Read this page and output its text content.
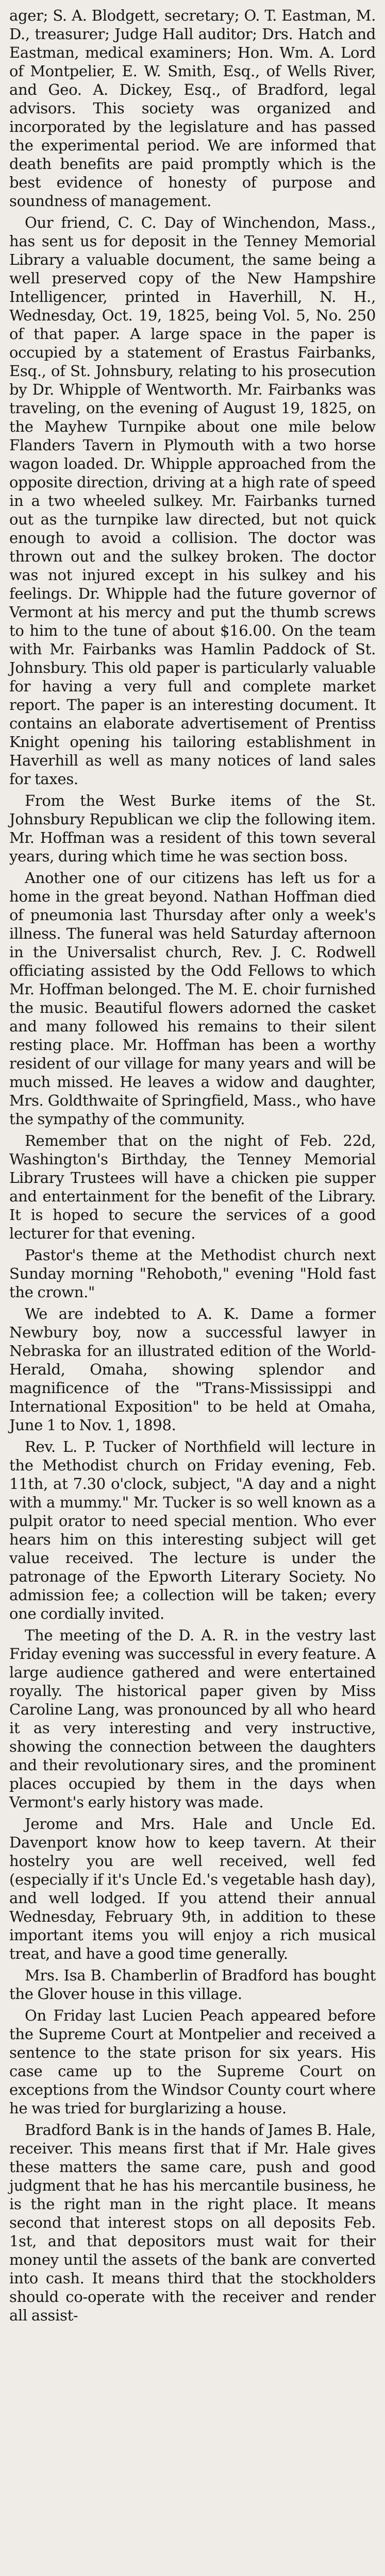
ager; S. A. Blodgett, secretary; O. T. Eastman, M. D., treasurer; Judge Hall auditor; Drs. Hatch and Eastman, medical examiners; Hon. Wm. A. Lord of Montpelier, E. W. Smith, Esq., of Wells River, and Geo. A. Dickey, Esq., of Bradford, legal advisors. This society was organized and incorporated by the legislature and has passed the experimental period. We are informed that death benefits are paid promptly which is the best evidence of honesty of purpose and soundness of management.

Our friend, C. C. Day of Winchendon, Mass., has sent us for deposit in the Tenney Memorial Library a valuable document, the same being a well preserved copy of the New Hampshire Intelligencer, printed in Haverhill, N. H., Wednesday, Oct. 19, 1825, being Vol. 5, No. 250 of that paper. A large space in the paper is occupied by a statement of Erastus Fairbanks, Esq., of St. Johnsbury, relating to his prosecution by Dr. Whipple of Wentworth. Mr. Fairbanks was traveling, on the evening of August 19, 1825, on the Mayhew Turnpike about one mile below Flanders Tavern in Plymouth with a two horse wagon loaded. Dr. Whipple approached from the opposite direction, driving at a high rate of speed in a two wheeled sulkey. Mr. Fairbanks turned out as the turnpike law directed, but not quick enough to avoid a collision. The doctor was thrown out and the sulkey broken. The doctor was not injured except in his sulkey and his feelings. Dr. Whipple had the future governor of Vermont at his mercy and put the thumb screws to him to the tune of about $16.00. On the team with Mr. Fairbanks was Hamlin Paddock of St. Johnsbury. This old paper is particularly valuable for having a very full and complete market report. The paper is an interesting document. It contains an elaborate advertisement of Prentiss Knight opening his tailoring establishment in Haverhill as well as many notices of land sales for taxes.

From the West Burke items of the St. Johnsbury Republican we clip the following item. Mr. Hoffman was a resident of this town several years, during which time he was section boss.

Another one of our citizens has left us for a home in the great beyond. Nathan Hoffman died of pneumonia last Thursday after only a week's illness. The funeral was held Saturday afternoon in the Universalist church, Rev. J. C. Rodwell officiating assisted by the Odd Fellows to which Mr. Hoffman belonged. The M. E. choir furnished the music. Beautiful flowers adorned the casket and many followed his remains to their silent resting place. Mr. Hoffman has been a worthy resident of our village for many years and will be much missed. He leaves a widow and daughter, Mrs. Goldthwaite of Springfield, Mass., who have the sympathy of the community.

Remember that on the night of Feb. 22d, Washington's Birthday, the Tenney Memorial Library Trustees will have a chicken pie supper and entertainment for the benefit of the Library. It is hoped to secure the services of a good lecturer for that evening.

Pastor's theme at the Methodist church next Sunday morning "Rehoboth," evening "Hold fast the crown."

We are indebted to A. K. Dame a former Newbury boy, now a successful lawyer in Nebraska for an illustrated edition of the World-Herald, Omaha, showing splendor and magnificence of the "Trans-Mississippi and International Exposition" to be held at Omaha, June 1 to Nov. 1, 1898.

Rev. L. P. Tucker of Northfield will lecture in the Methodist church on Friday evening, Feb. 11th, at 7.30 o'clock, subject, "A day and a night with a mummy." Mr. Tucker is so well known as a pulpit orator to need special mention. Who ever hears him on this interesting subject will get value received. The lecture is under the patronage of the Epworth Literary Society. No admission fee; a collection will be taken; every one cordially invited.

The meeting of the D. A. R. in the vestry last Friday evening was successful in every feature. A large audience gathered and were entertained royally. The historical paper given by Miss Caroline Lang, was pronounced by all who heard it as very interesting and very instructive, showing the connection between the daughters and their revolutionary sires, and the prominent places occupied by them in the days when Vermont's early history was made.

Jerome and Mrs. Hale and Uncle Ed. Davenport know how to keep tavern. At their hostelry you are well received, well fed (especially if it's Uncle Ed.'s vegetable hash day), and well lodged. If you attend their annual Wednesday, February 9th, in addition to these important items you will enjoy a rich musical treat, and have a good time generally.

Mrs. Isa B. Chamberlin of Bradford has bought the Glover house in this village.

On Friday last Lucien Peach appeared before the Supreme Court at Montpelier and received a sentence to the state prison for six years. His case came up to the Supreme Court on exceptions from the Windsor County court where he was tried for burglarizing a house.

Bradford Bank is in the hands of James B. Hale, receiver. This means first that if Mr. Hale gives these matters the same care, push and good judgment that he has his mercantile business, he is the right man in the right place. It means second that interest stops on all deposits Feb. 1st, and that depositors must wait for their money until the assets of the bank are converted into cash. It means third that the stockholders should co-operate with the receiver and render all assist-
